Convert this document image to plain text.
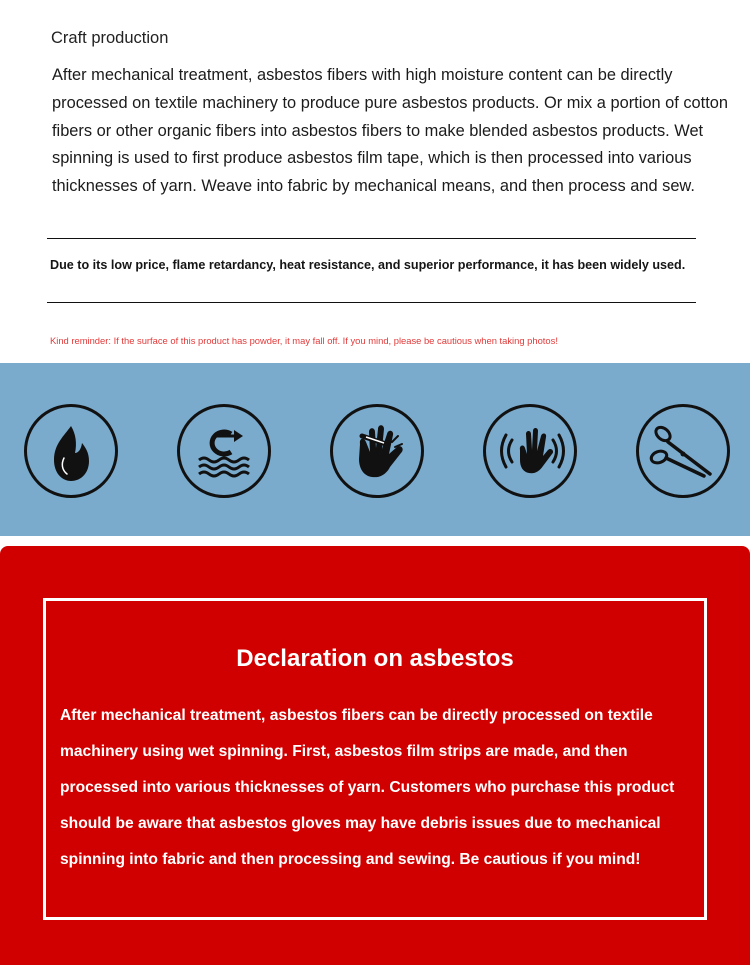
Craft production

After mechanical treatment, asbestos fibers with high moisture content can be directly processed on textile machinery to produce pure asbestos products. Or mix a portion of cotton fibers or other organic fibers into asbestos fibers to make blended asbestos products. Wet spinning is used to first produce asbestos film tape, which is then processed into various thicknesses of yarn. Weave into fabric by mechanical means, and then process and sew.

Due to its low price, flame retardancy, heat resistance, and superior performance, it has been widely used.

Kind reminder: If the surface of this product has powder, it may fall off. If you mind, please be cautious when taking photos!

Declaration on asbestos

After mechanical treatment, asbestos fibers can be directly processed on textile machinery using wet spinning. First, asbestos film strips are made, and then processed into various thicknesses of yarn. Customers who purchase this product should be aware that asbestos gloves may have debris issues due to mechanical spinning into fabric and then processing and sewing. Be cautious if you mind!
